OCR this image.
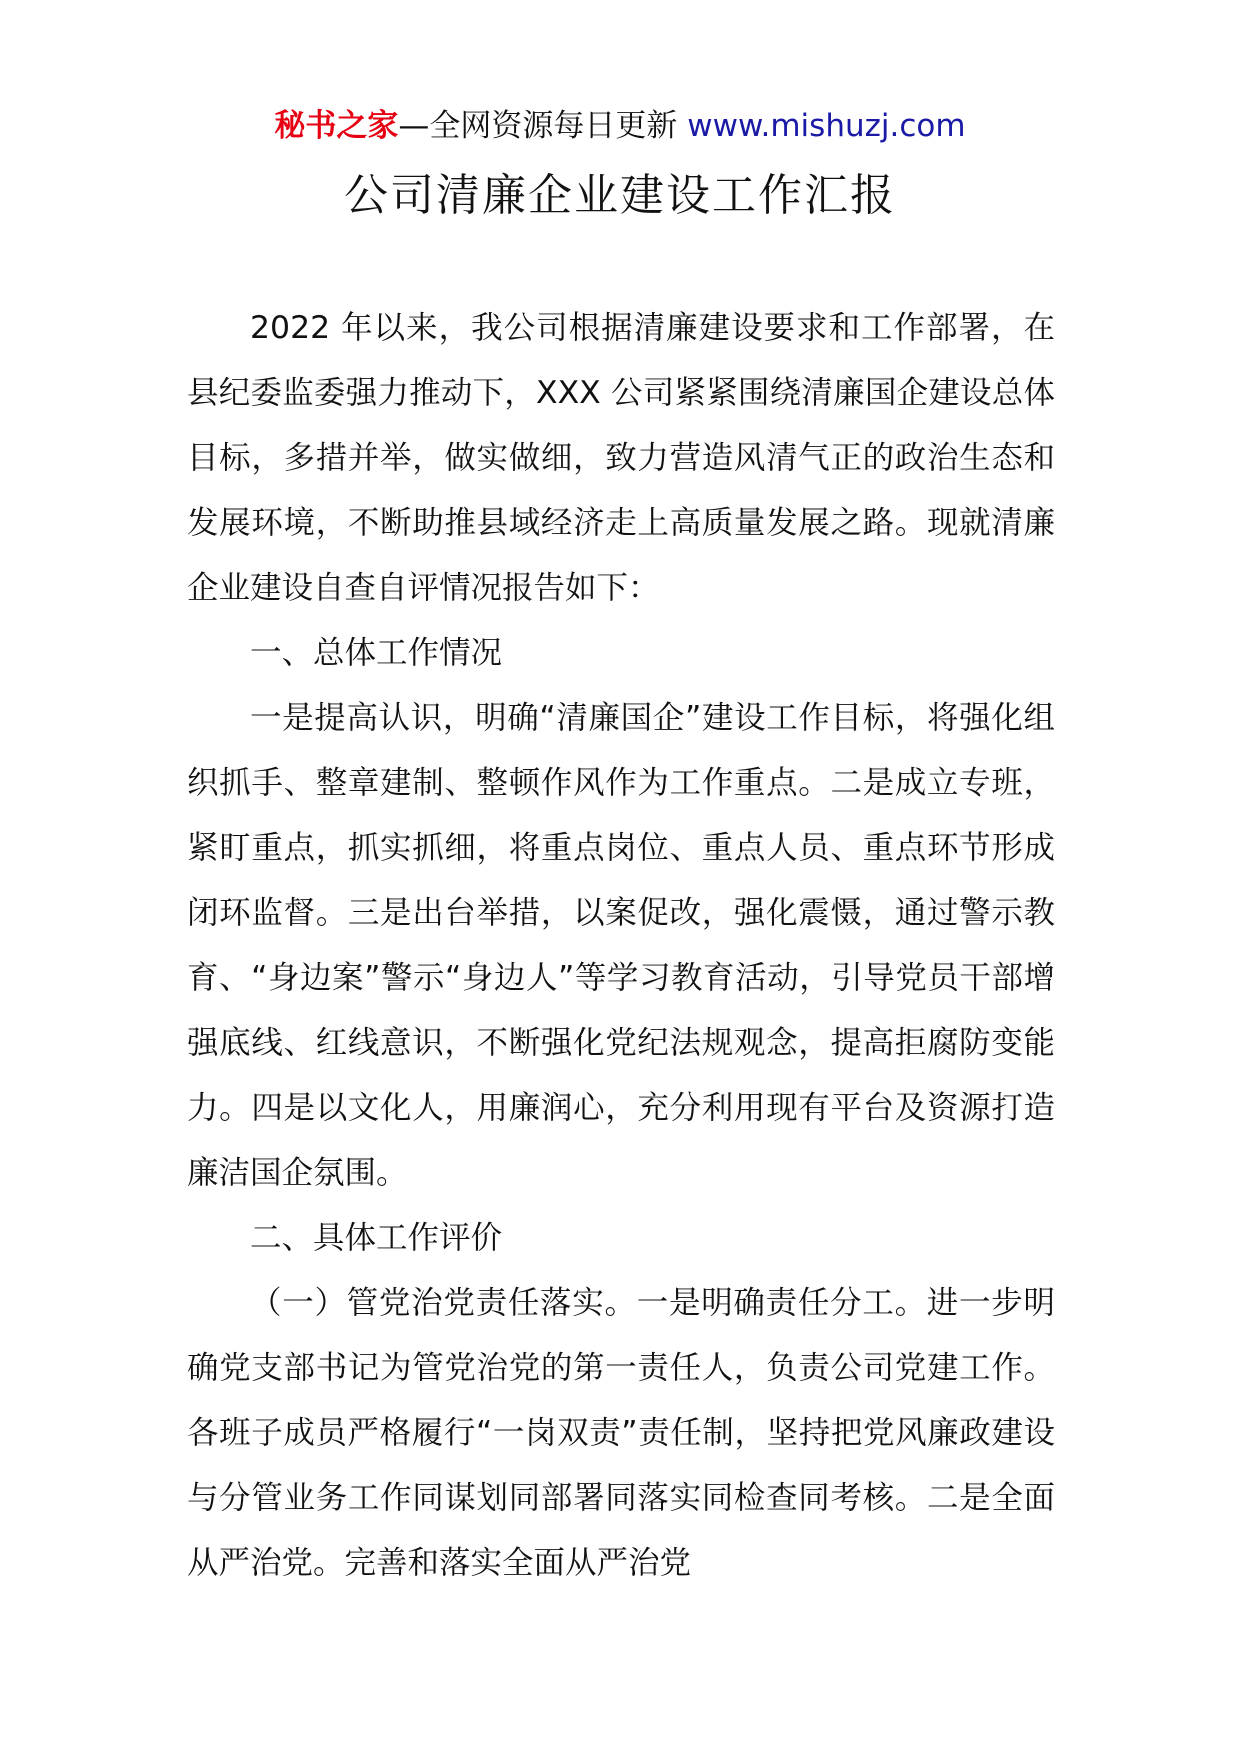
秘书之家—全网资源每日更新 www.mishuzj.com
公司清廉企业建设工作汇报

2022 年以来，我公司根据清廉建设要求和工作部署，在县纪委监委强力推动下，XXX 公司紧紧围绕清廉国企建设总体目标，多措并举，做实做细，致力营造风清气正的政治生态和发展环境，不断助推县域经济走上高质量发展之路。现就清廉企业建设自查自评情况报告如下：

一、总体工作情况

一是提高认识，明确“清廉国企”建设工作目标，将强化组织抓手、整章建制、整顿作风作为工作重点。二是成立专班，紧盯重点，抓实抓细，将重点岗位、重点人员、重点环节形成闭环监督。三是出台举措，以案促改，强化震慑，通过警示教育、“身边案”警示“身边人”等学习教育活动，引导党员干部增强底线、红线意识，不断强化党纪法规观念，提高拒腐防变能力。四是以文化人，用廉润心，充分利用现有平台及资源打造廉洁国企氛围。

二、具体工作评价

（一）管党治党责任落实。一是明确责任分工。进一步明确党支部书记为管党治党的第一责任人，负责公司党建工作。各班子成员严格履行“一岗双责”责任制，坚持把党风廉政建设与分管业务工作同谋划同部署同落实同检查同考核。二是全面从严治党。完善和落实全面从严治党
